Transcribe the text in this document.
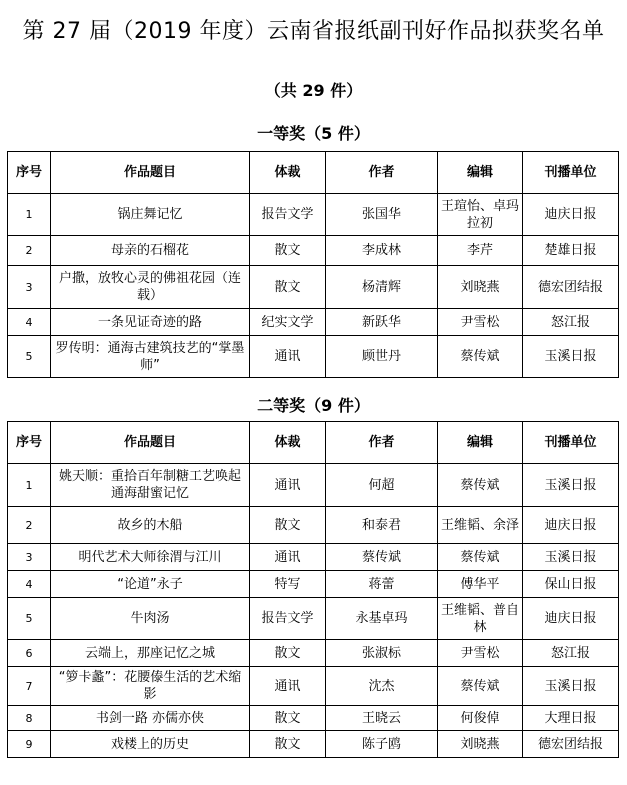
第 27 届（2019 年度）云南省报纸副刊好作品拟获奖名单
（共 29 件）
一等奖（5 件）
序号	作品题目	体裁	作者	编辑	刊播单位
1	锅庄舞记忆	报告文学	张国华	王瑄怡、卓玛拉初	迪庆日报
2	母亲的石榴花	散文	李成林	李芹	楚雄日报
3	户撒，放牧心灵的佛祖花园（连载）	散文	杨清辉	刘晓燕	德宏团结报
4	一条见证奇迹的路	纪实文学	新跃华	尹雪松	怒江报
5	罗传明：通海古建筑技艺的“掌墨师”	通讯	顾世丹	蔡传斌	玉溪日报
二等奖（9 件）
序号	作品题目	体裁	作者	编辑	刊播单位
1	姚天顺：重拾百年制糖工艺唤起通海甜蜜记忆	通讯	何超	蔡传斌	玉溪日报
2	故乡的木船	散文	和泰君	王维韬、余泽	迪庆日报
3	明代艺术大师徐渭与江川	通讯	蔡传斌	蔡传斌	玉溪日报
4	“论道”永子	特写	蒋蕾	傅华平	保山日报
5	牛肉汤	报告文学	永基卓玛	王维韬、普自林	迪庆日报
6	云端上，那座记忆之城	散文	张淑标	尹雪松	怒江报
7	“箩卡蠡”：花腰傣生活的艺术缩影	通讯	沈杰	蔡传斌	玉溪日报
8	书剑一路 亦儒亦侠	散文	王晓云	何俊倬	大理日报
9	戏楼上的历史	散文	陈子鸥	刘晓燕	德宏团结报
